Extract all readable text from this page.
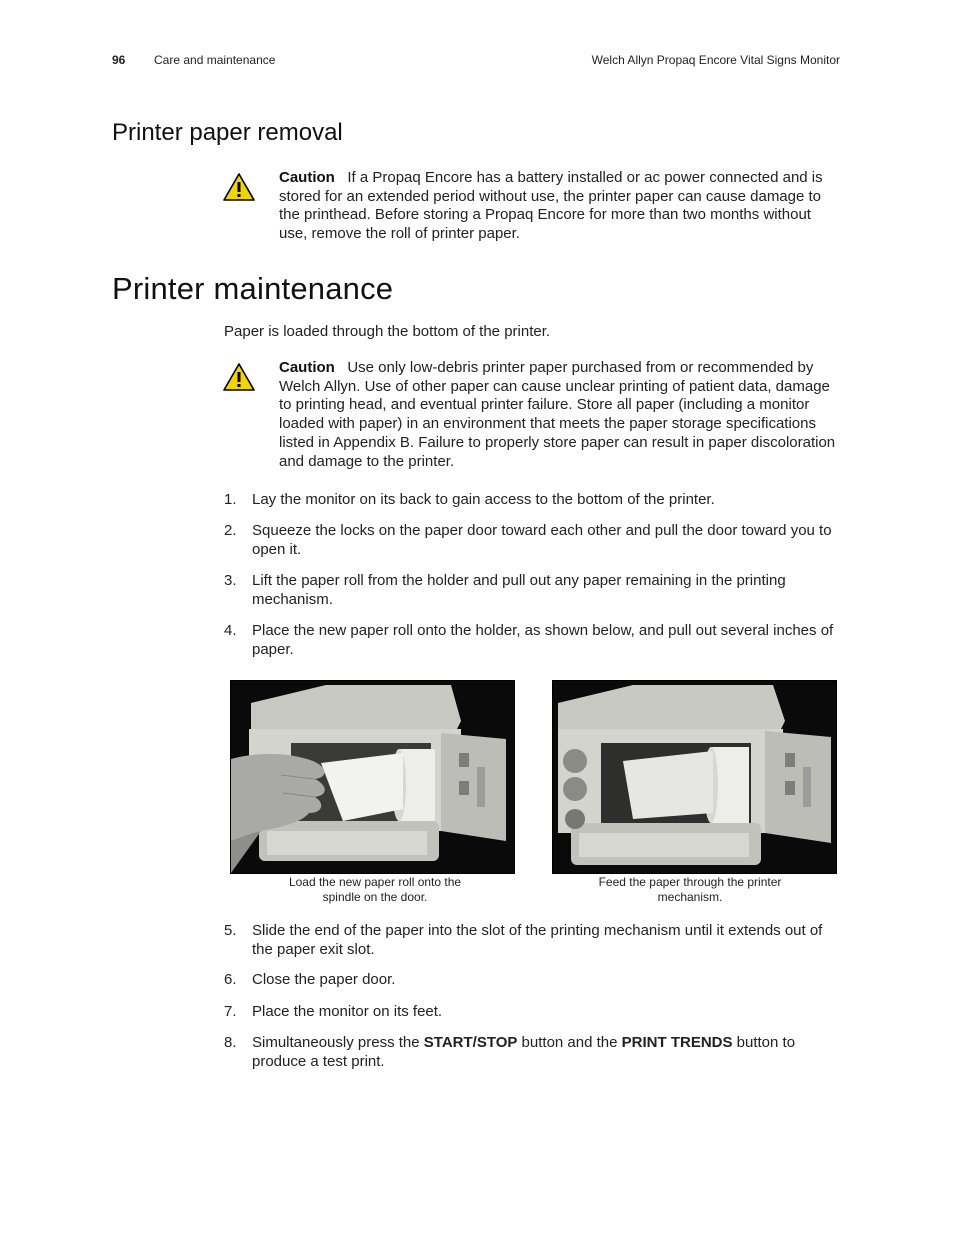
96 Care and maintenance	Welch Allyn Propaq Encore Vital Signs Monitor
Printer paper removal
Caution If a Propaq Encore has a battery installed or ac power connected and is stored for an extended period without use, the printer paper can cause damage to the printhead. Before storing a Propaq Encore for more than two months without use, remove the roll of printer paper.
Printer maintenance
Paper is loaded through the bottom of the printer.
Caution Use only low-debris printer paper purchased from or recommended by Welch Allyn. Use of other paper can cause unclear printing of patient data, damage to printing head, and eventual printer failure. Store all paper (including a monitor loaded with paper) in an environment that meets the paper storage specifications listed in Appendix B. Failure to properly store paper can result in paper discoloration and damage to the printer.
1. Lay the monitor on its back to gain access to the bottom of the printer.
2. Squeeze the locks on the paper door toward each other and pull the door toward you to open it.
3. Lift the paper roll from the holder and pull out any paper remaining in the printing mechanism.
4. Place the new paper roll onto the holder, as shown below, and pull out several inches of paper.
Load the new paper roll onto the spindle on the door.
Feed the paper through the printer mechanism.
5. Slide the end of the paper into the slot of the printing mechanism until it extends out of the paper exit slot.
6. Close the paper door.
7. Place the monitor on its feet.
8. Simultaneously press the START/STOP button and the PRINT TRENDS button to produce a test print.
